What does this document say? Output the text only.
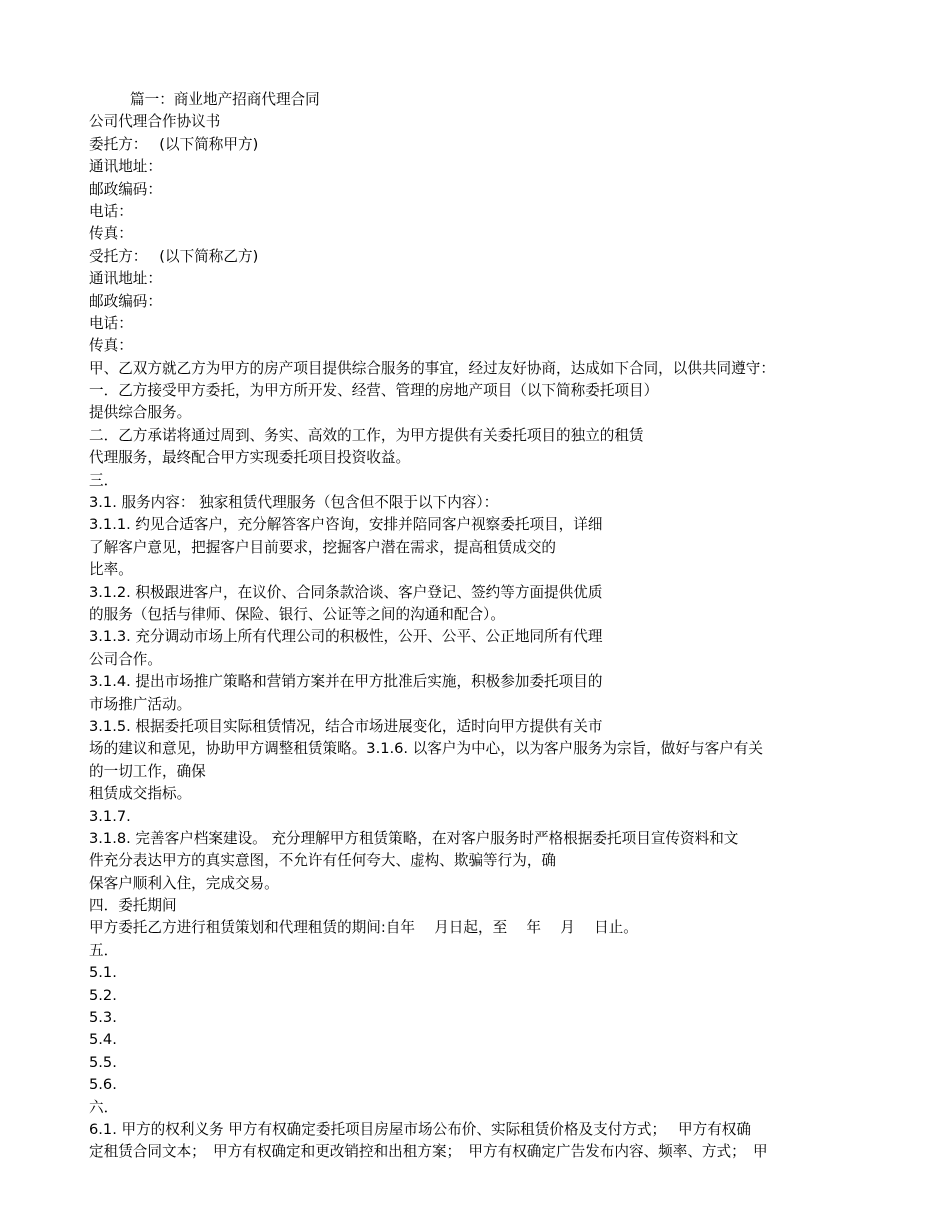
篇一：商业地产招商代理合同
公司代理合作协议书
委托方：　 (以下简称甲方)
通讯地址：
邮政编码：
电话：
传真：
受托方：　 (以下简称乙方)
通讯地址：
邮政编码：
电话：
传真：
甲、乙双方就乙方为甲方的房产项目提供综合服务的事宜，经过友好协商，达成如下合同，以供共同遵守：
一．乙方接受甲方委托，为甲方所开发、经营、管理的房地产项目（以下简称委托项目）
提供综合服务。
二．乙方承诺将通过周到、务实、高效的工作，为甲方提供有关委托项目的独立的租赁
代理服务，最终配合甲方实现委托项目投资收益。
三．
3.1. 服务内容： 独家租赁代理服务（包含但不限于以下内容）：
3.1.1. 约见合适客户，充分解答客户咨询，安排并陪同客户视察委托项目，详细
了解客户意见，把握客户目前要求，挖掘客户潜在需求，提高租赁成交的
比率。
3.1.2. 积极跟进客户，在议价、合同条款洽谈、客户登记、签约等方面提供优质
的服务（包括与律师、保险、银行、公证等之间的沟通和配合）。
3.1.3. 充分调动市场上所有代理公司的积极性，公开、公平、公正地同所有代理
公司合作。
3.1.4. 提出市场推广策略和营销方案并在甲方批准后实施，积极参加委托项目的
市场推广活动。
3.1.5. 根据委托项目实际租赁情况，结合市场进展变化，适时向甲方提供有关市
场的建议和意见，协助甲方调整租赁策略。3.1.6. 以客户为中心，以为客户服务为宗旨，做好与客户有关
的一切工作，确保
租赁成交指标。
3.1.7.
3.1.8. 完善客户档案建设。 充分理解甲方租赁策略，在对客户服务时严格根据委托项目宣传资料和文
件充分表达甲方的真实意图，不允许有任何夸大、虚构、欺骗等行为，确
保客户顺利入住，完成交易。
四．委托期间
甲方委托乙方进行租赁策划和代理租赁的期间:自年　 月日起，至　 年　 月　 日止。
五．
5.1.
5.2.
5.3.
5.4.
5.5.
5.6.
六．
6.1. 甲方的权利义务 甲方有权确定委托项目房屋市场公布价、实际租赁价格及支付方式；　 甲方有权确
定租赁合同文本；　甲方有权确定和更改销控和出租方案；　甲方有权确定广告发布内容、频率、方式；　甲
